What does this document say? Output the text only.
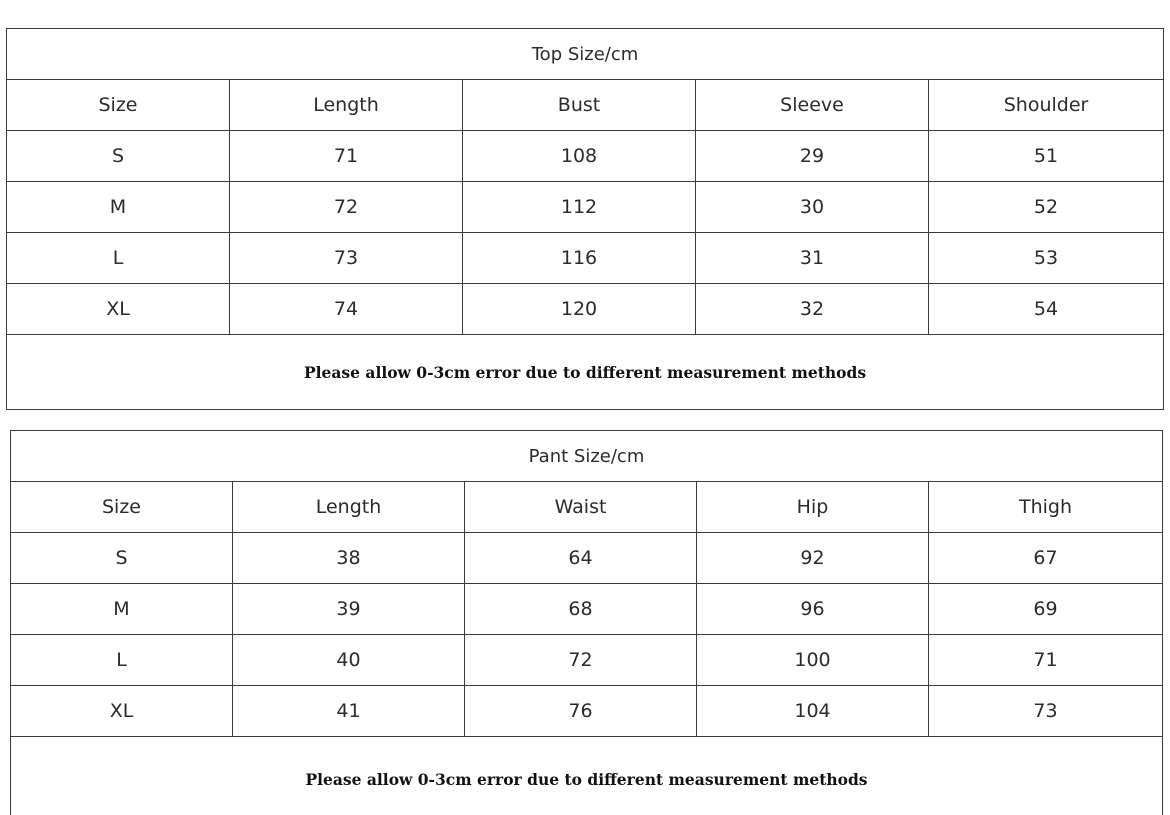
Top Size/cm				
Size	Length	Bust	Sleeve	Shoulder
S	71	108	29	51
M	72	112	30	52
L	73	116	31	53
XL	74	120	32	54
Please allow 0-3cm error due to different measurement methods				
Pant Size/cm				
Size	Length	Waist	Hip	Thigh
S	38	64	92	67
M	39	68	96	69
L	40	72	100	71
XL	41	76	104	73
Please allow 0-3cm error due to different measurement methods				
